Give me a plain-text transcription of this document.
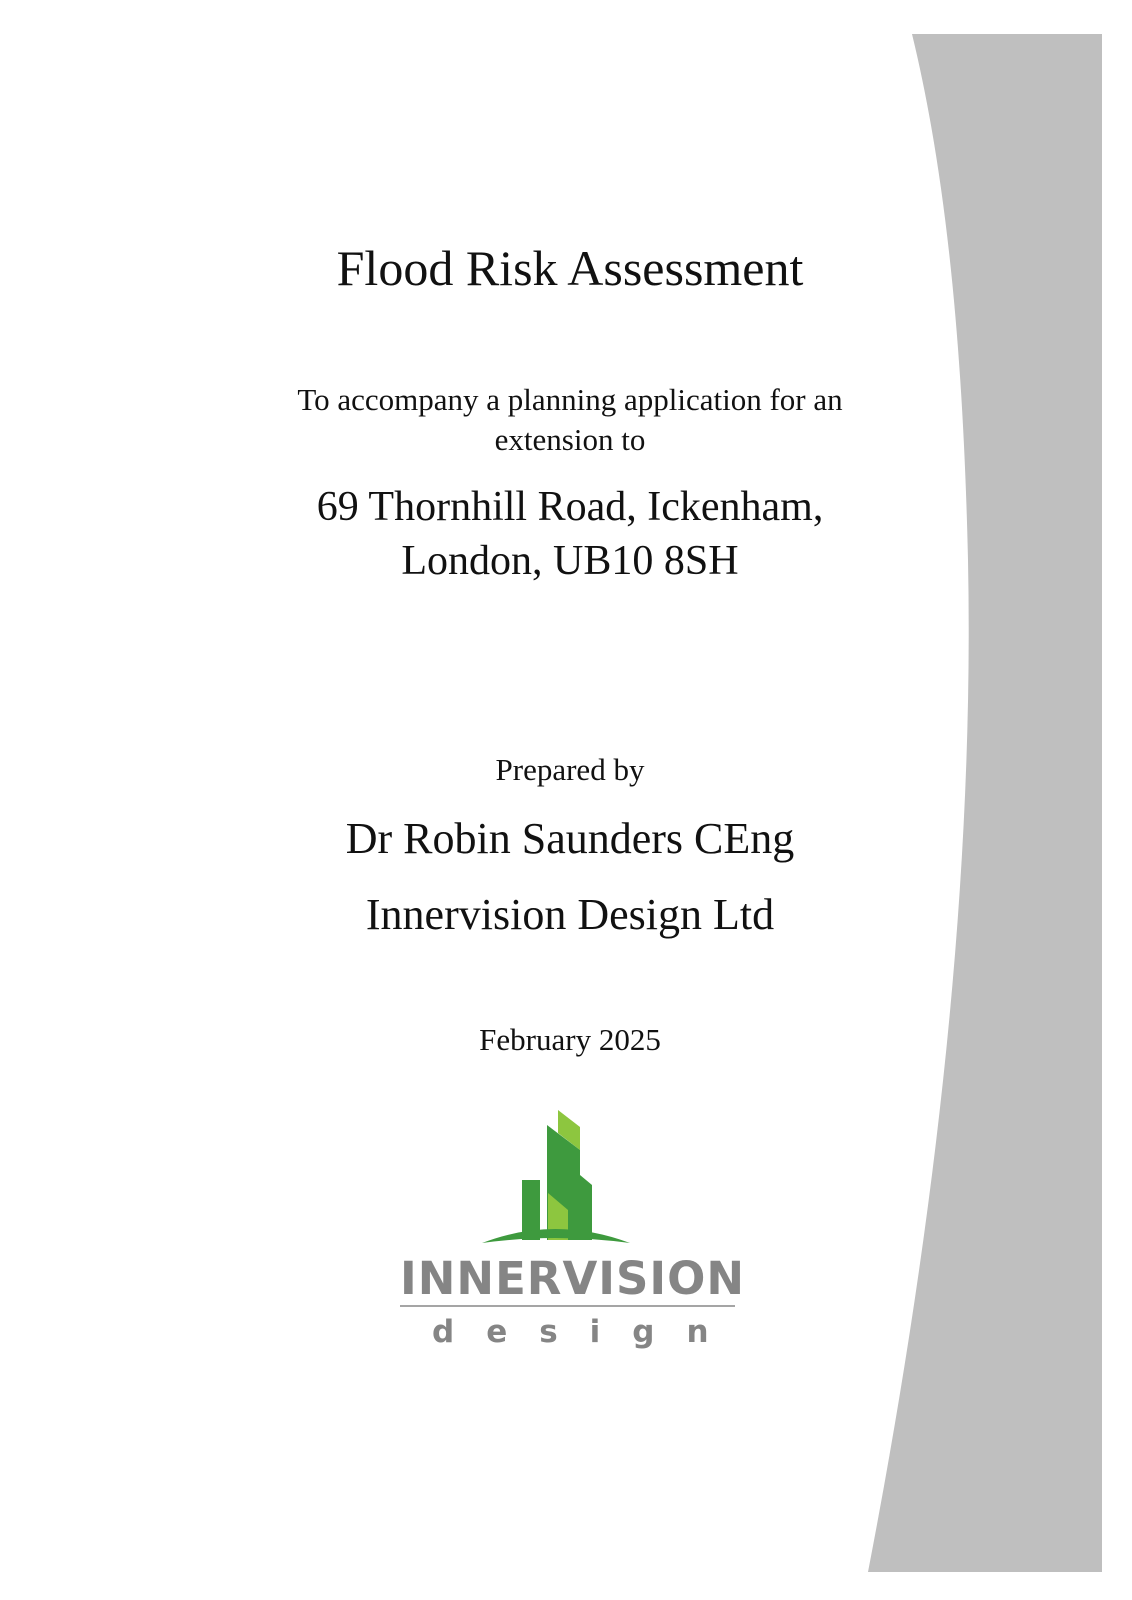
Flood Risk Assessment
To accompany a planning application for an
extension to
69 Thornhill Road, Ickenham,
London, UB10 8SH
Prepared by
Dr Robin Saunders CEng
Innervision Design Ltd
February 2025
INNERVISION
design
